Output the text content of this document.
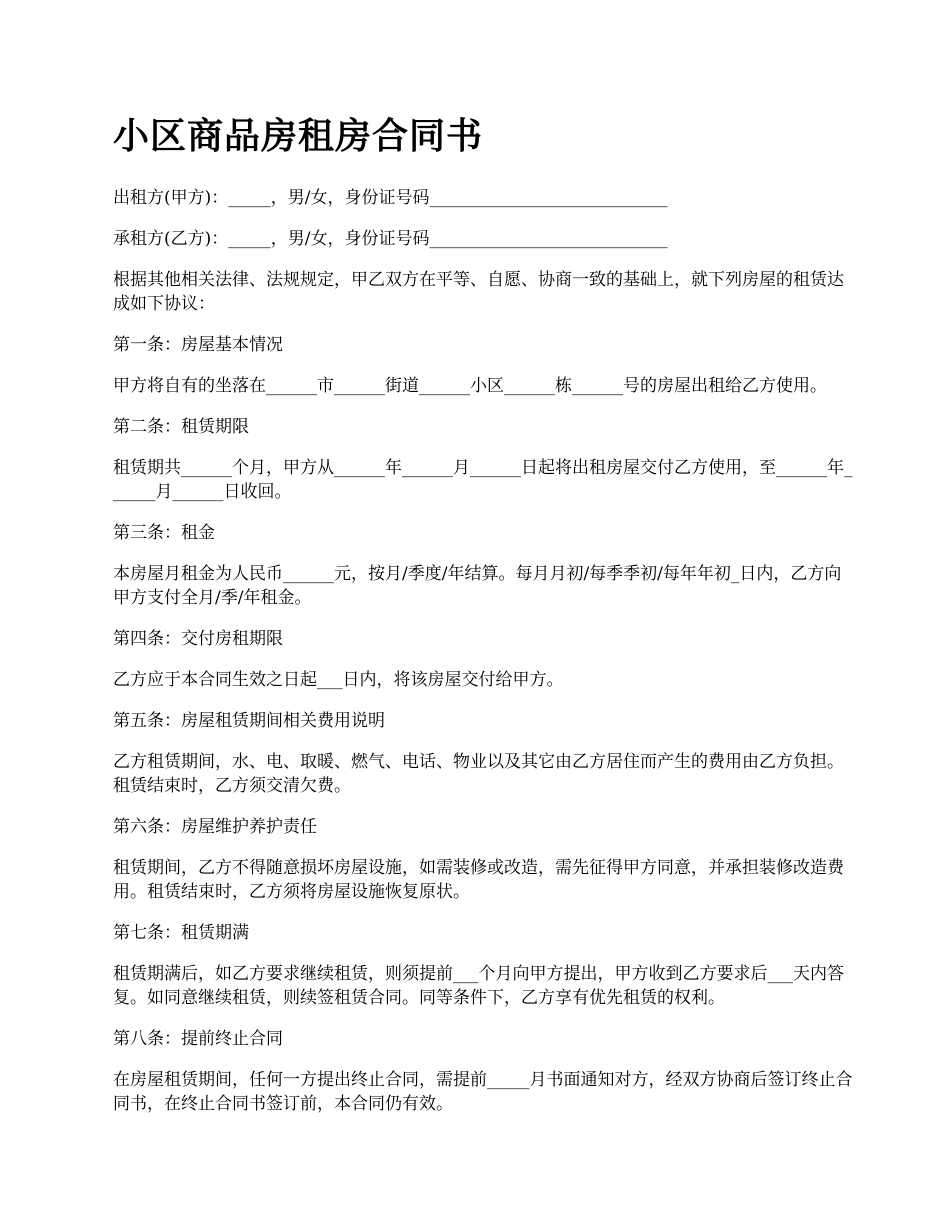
小区商品房租房合同书

出租方(甲方)：_____，男/女，身份证号码____________________________

承租方(乙方)：_____，男/女，身份证号码____________________________

根据其他相关法律、法规规定，甲乙双方在平等、自愿、协商一致的基础上，就下列房屋的租赁达成如下协议：

第一条：房屋基本情况

甲方将自有的坐落在______市______街道______小区______栋______号的房屋出租给乙方使用。

第二条：租赁期限

租赁期共______个月，甲方从______年______月______日起将出租房屋交付乙方使用，至______年______月______日收回。

第三条：租金

本房屋月租金为人民币______元，按月/季度/年结算。每月月初/每季季初/每年年初_日内，乙方向甲方支付全月/季/年租金。

第四条：交付房租期限

乙方应于本合同生效之日起___日内，将该房屋交付给甲方。

第五条：房屋租赁期间相关费用说明

乙方租赁期间，水、电、取暖、燃气、电话、物业以及其它由乙方居住而产生的费用由乙方负担。租赁结束时，乙方须交清欠费。

第六条：房屋维护养护责任

租赁期间，乙方不得随意损坏房屋设施，如需装修或改造，需先征得甲方同意，并承担装修改造费用。租赁结束时，乙方须将房屋设施恢复原状。

第七条：租赁期满

租赁期满后，如乙方要求继续租赁，则须提前___个月向甲方提出，甲方收到乙方要求后___天内答复。如同意继续租赁，则续签租赁合同。同等条件下，乙方享有优先租赁的权利。

第八条：提前终止合同

在房屋租赁期间，任何一方提出终止合同，需提前_____月书面通知对方，经双方协商后签订终止合同书，在终止合同书签订前，本合同仍有效。
